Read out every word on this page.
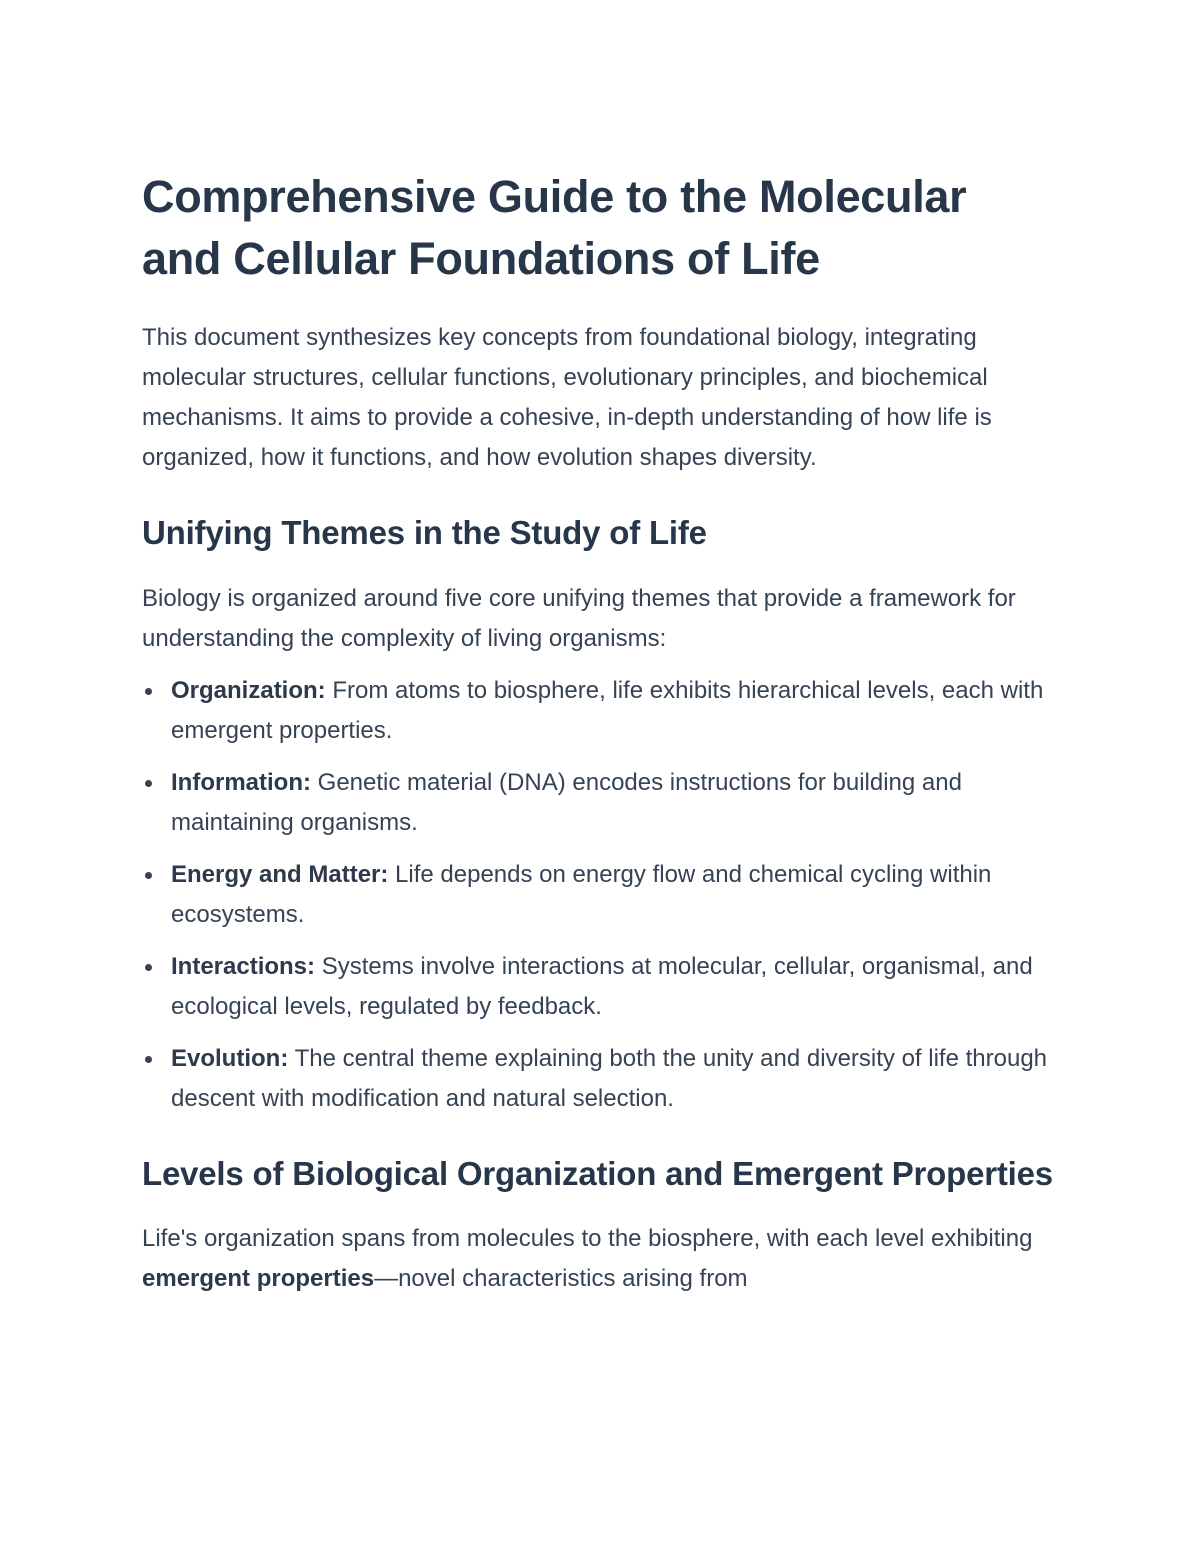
Comprehensive Guide to the Molecular and Cellular Foundations of Life

This document synthesizes key concepts from foundational biology, integrating molecular structures, cellular functions, evolutionary principles, and biochemical mechanisms. It aims to provide a cohesive, in-depth understanding of how life is organized, how it functions, and how evolution shapes diversity.

Unifying Themes in the Study of Life

Biology is organized around five core unifying themes that provide a framework for understanding the complexity of living organisms:

Organization: From atoms to biosphere, life exhibits hierarchical levels, each with emergent properties.
Information: Genetic material (DNA) encodes instructions for building and maintaining organisms.
Energy and Matter: Life depends on energy flow and chemical cycling within ecosystems.
Interactions: Systems involve interactions at molecular, cellular, organismal, and ecological levels, regulated by feedback.
Evolution: The central theme explaining both the unity and diversity of life through descent with modification and natural selection.
Levels of Biological Organization and Emergent Properties

Life's organization spans from molecules to the biosphere, with each level exhibiting emergent properties—novel characteristics arising from
